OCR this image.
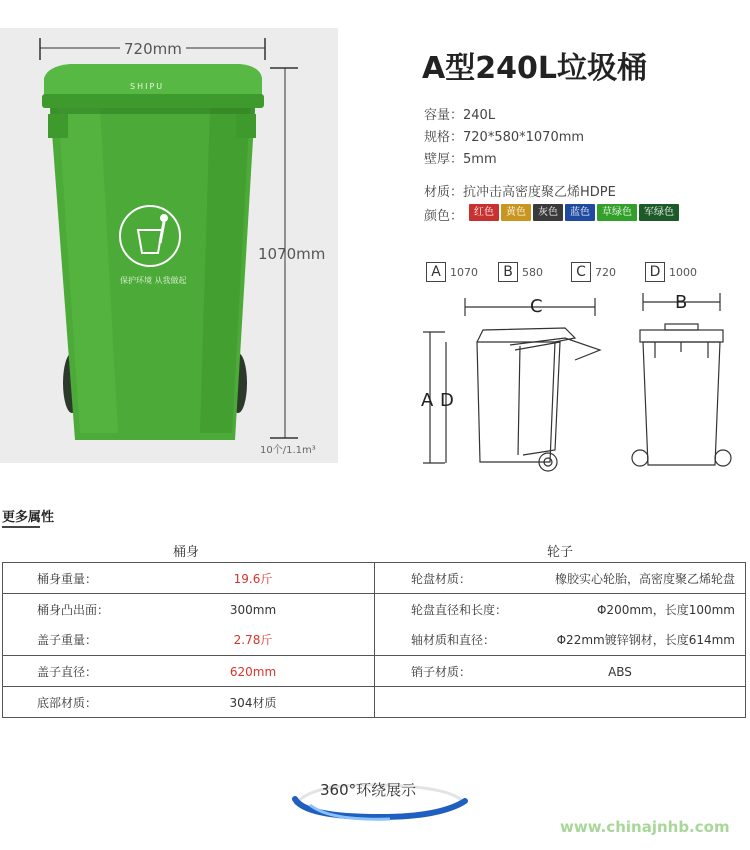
720mm
1070mm
10个/1.1m³
SHIPU
保护环境 从我做起
A型240L垃圾桶
容量：240L
规格：720*580*1070mm
壁厚：5mm
材质：抗冲击高密度聚乙烯HDPE
颜色：	红色	黄色	灰色	蓝色	草绿色	军绿色
A 1070	B 580	C 720	D 1000
C	B
A D
更多属性
桶身	轮子
桶身重量： 19.6斤	轮盘材质： 橡胶实心轮胎，高密度聚乙烯轮盘
桶身凸出面： 300mm	轮盘直径和长度： Φ200mm，长度100mm
盖子重量： 2.78斤	轴材质和直径： Φ22mm镀锌钢材，长度614mm
盖子直径： 620mm	销子材质： ABS
底部材质： 304材质	
360°环绕展示
www.chinajnhb.com
